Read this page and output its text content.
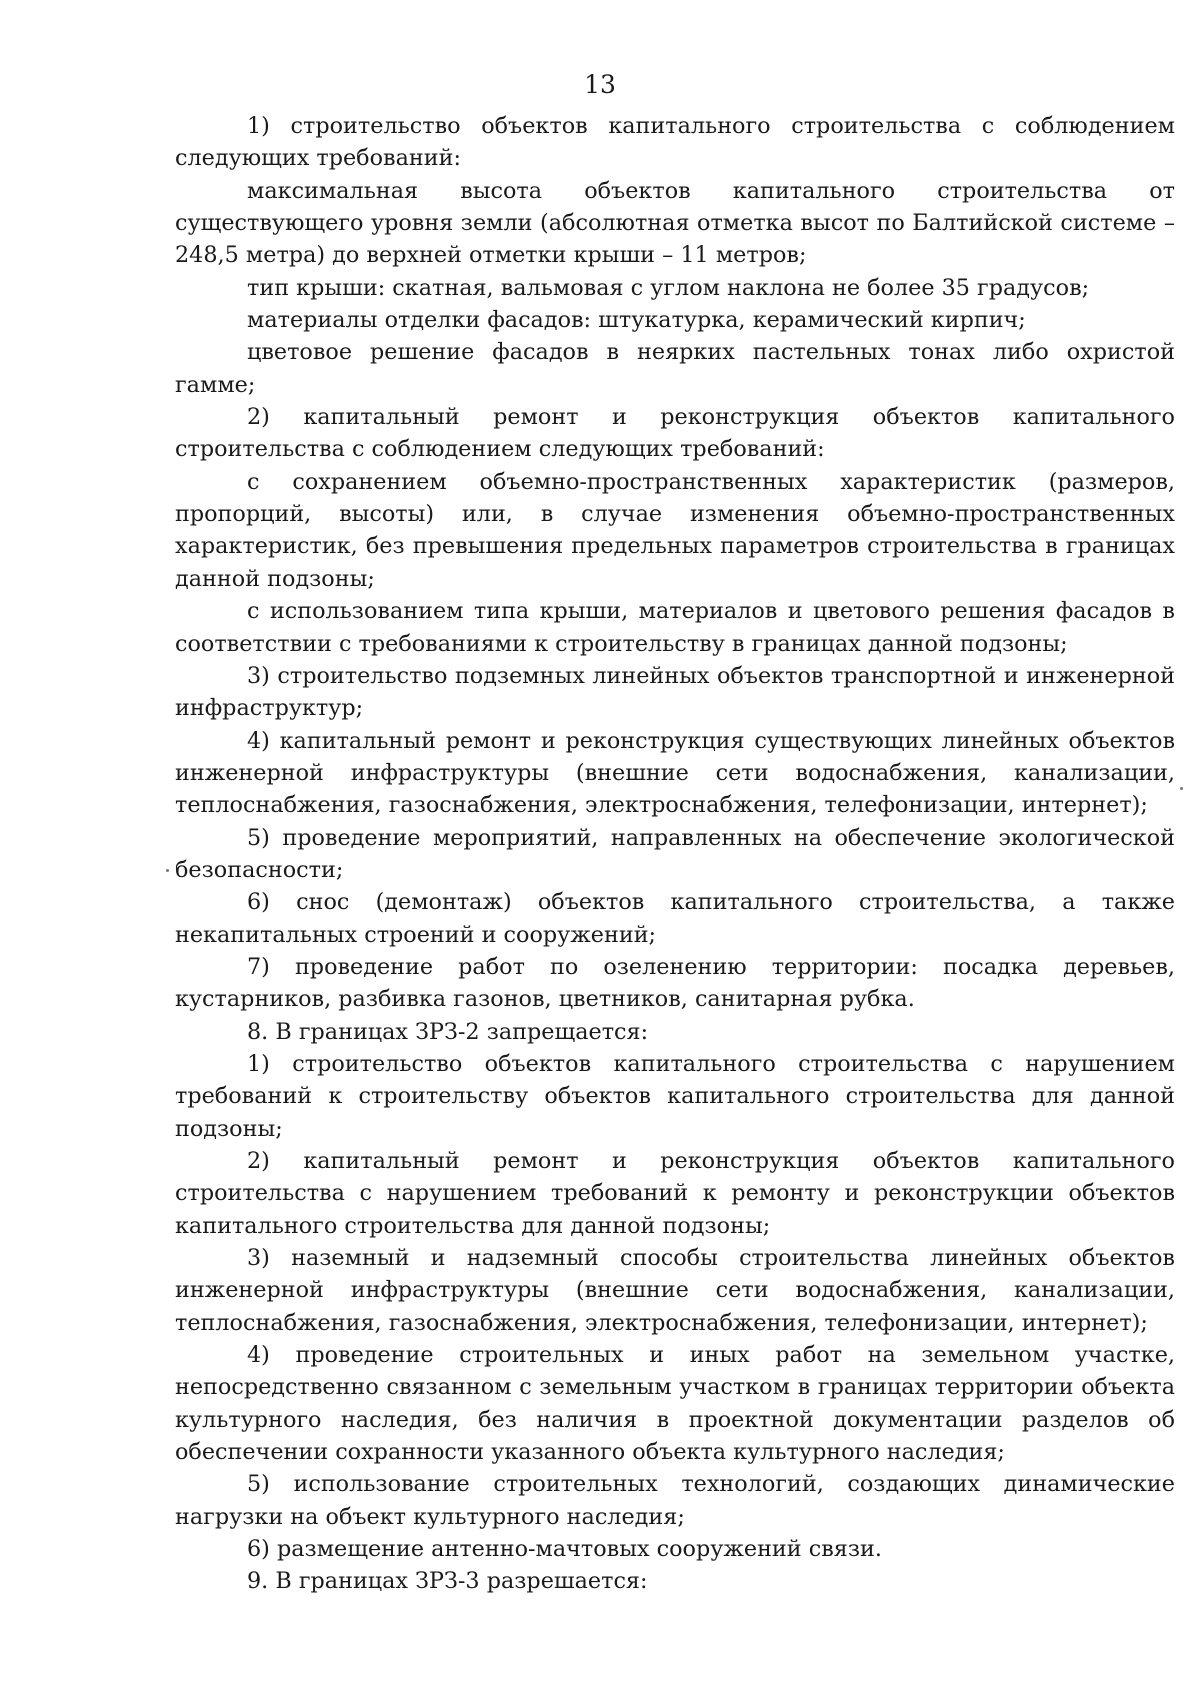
13

1) строительство объектов капитального строительства с соблюдением следующих требований:

максимальная высота объектов капитального строительства от существующего уровня земли (абсолютная отметка высот по Балтийской системе – 248,5 метра) до верхней отметки крыши – 11 метров;

тип крыши: скатная, вальмовая с углом наклона не более 35 градусов;

материалы отделки фасадов: штукатурка, керамический кирпич;

цветовое решение фасадов в неярких пастельных тонах либо охристой гамме;

2) капитальный ремонт и реконструкция объектов капитального строительства с соблюдением следующих требований:

с сохранением объемно-пространственных характеристик (размеров, пропорций, высоты) или, в случае изменения объемно-пространственных характеристик, без превышения предельных параметров строительства в границах данной подзоны;

с использованием типа крыши, материалов и цветового решения фасадов в соответствии с требованиями к строительству в границах данной подзоны;

3) строительство подземных линейных объектов транспортной и инженерной инфраструктур;

4) капитальный ремонт и реконструкция существующих линейных объектов инженерной инфраструктуры (внешние сети водоснабжения, канализации, теплоснабжения, газоснабжения, электроснабжения, телефонизации, интернет);

5) проведение мероприятий, направленных на обеспечение экологической безопасности;

6) снос (демонтаж) объектов капитального строительства, а также некапитальных строений и сооружений;

7) проведение работ по озеленению территории: посадка деревьев, кустарников, разбивка газонов, цветников, санитарная рубка.

8. В границах ЗРЗ-2 запрещается:

1) строительство объектов капитального строительства с нарушением требований к строительству объектов капитального строительства для данной подзоны;

2) капитальный ремонт и реконструкция объектов капитального строительства с нарушением требований к ремонту и реконструкции объектов капитального строительства для данной подзоны;

3) наземный и надземный способы строительства линейных объектов инженерной инфраструктуры (внешние сети водоснабжения, канализации, теплоснабжения, газоснабжения, электроснабжения, телефонизации, интернет);

4) проведение строительных и иных работ на земельном участке, непосредственно связанном с земельным участком в границах территории объекта культурного наследия, без наличия в проектной документации разделов об обеспечении сохранности указанного объекта культурного наследия;

5) использование строительных технологий, создающих динамические нагрузки на объект культурного наследия;

6) размещение антенно-мачтовых сооружений связи.

9. В границах ЗРЗ-3 разрешается:
